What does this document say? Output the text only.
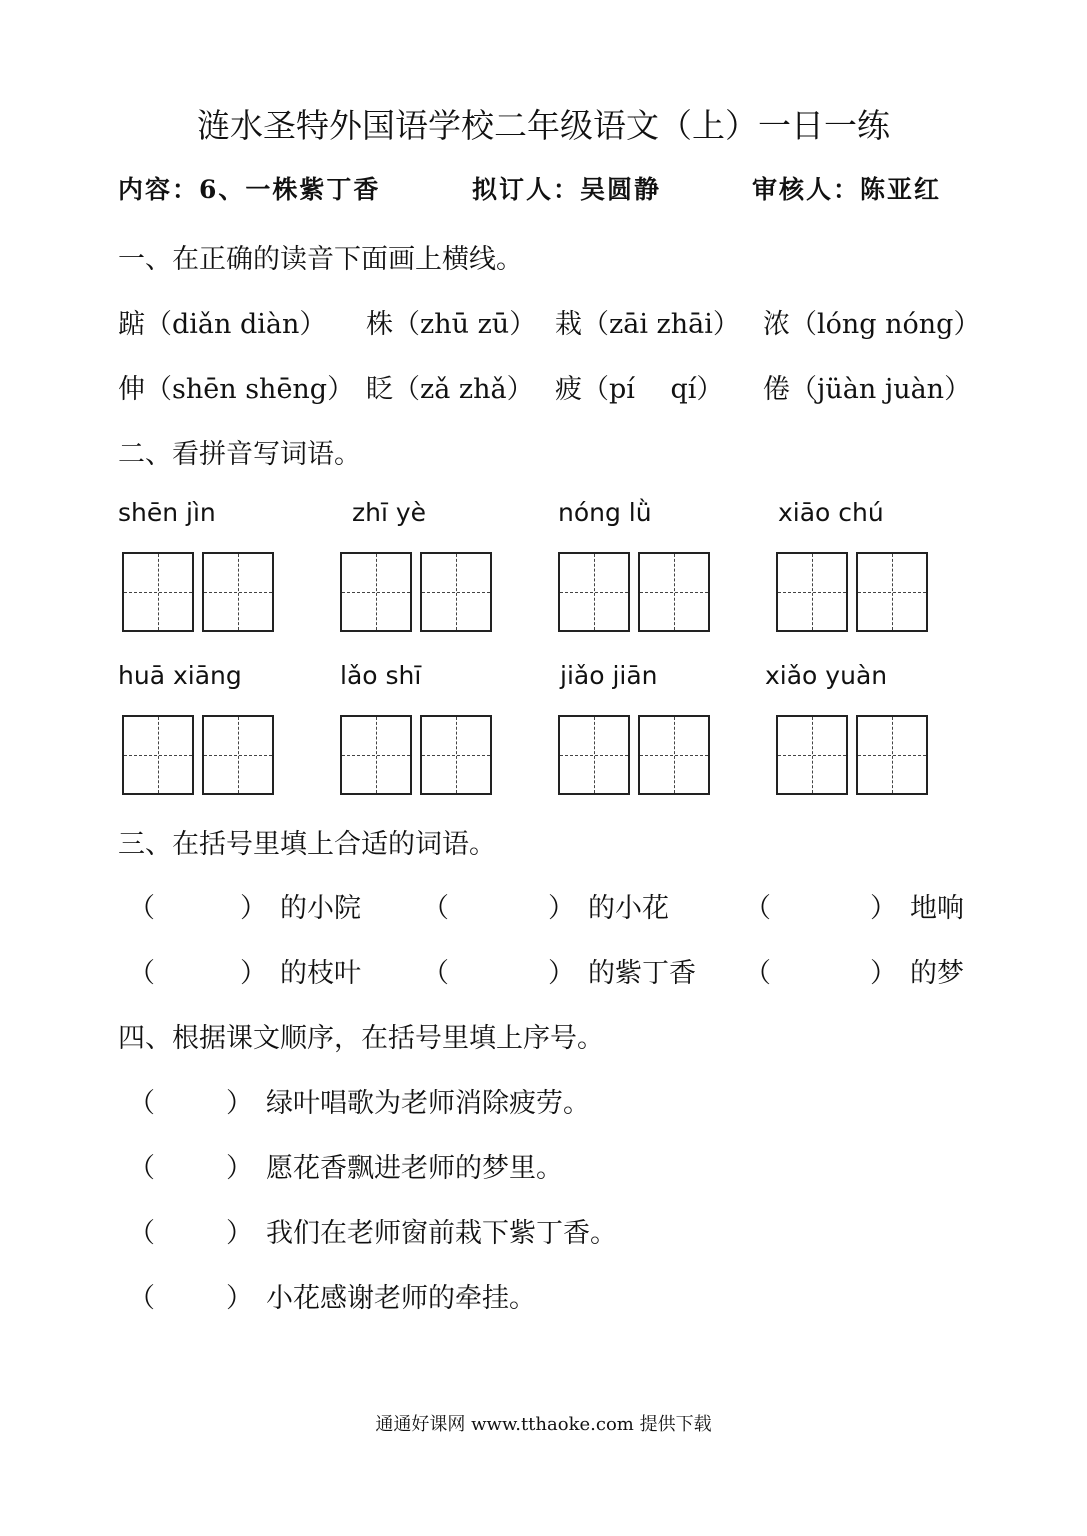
涟水圣特外国语学校二年级语文（上）一日一练
内容：6、一株紫丁香	拟订人：吴圆静	审核人：陈亚红
一、在正确的读音下面画上横线。
踮（diǎn diàn） 株（zhū zū） 栽（zāi zhāi） 浓（lóng nóng）
伸（shēn shēng） 眨（zǎ zhǎ） 疲（pí　 qí） 倦（jüàn juàn）
二、看拼音写词语。
shēn jìn	zhī yè	nóng lǜ	xiāo chú
huā xiāng	lǎo shī	jiǎo jiān	xiǎo yuàn
三、在括号里填上合适的词语。
（	） 的小院 （	） 的小花	（	） 地响
（	） 的枝叶 （	） 的紫丁香 （	） 的梦
四、根据课文顺序，在括号里填上序号。
（	） 绿叶唱歌为老师消除疲劳。
（	） 愿花香飘进老师的梦里。
（	） 我们在老师窗前栽下紫丁香。
（	） 小花感谢老师的牵挂。
通通好课网 www.tthaoke.com 提供下载
